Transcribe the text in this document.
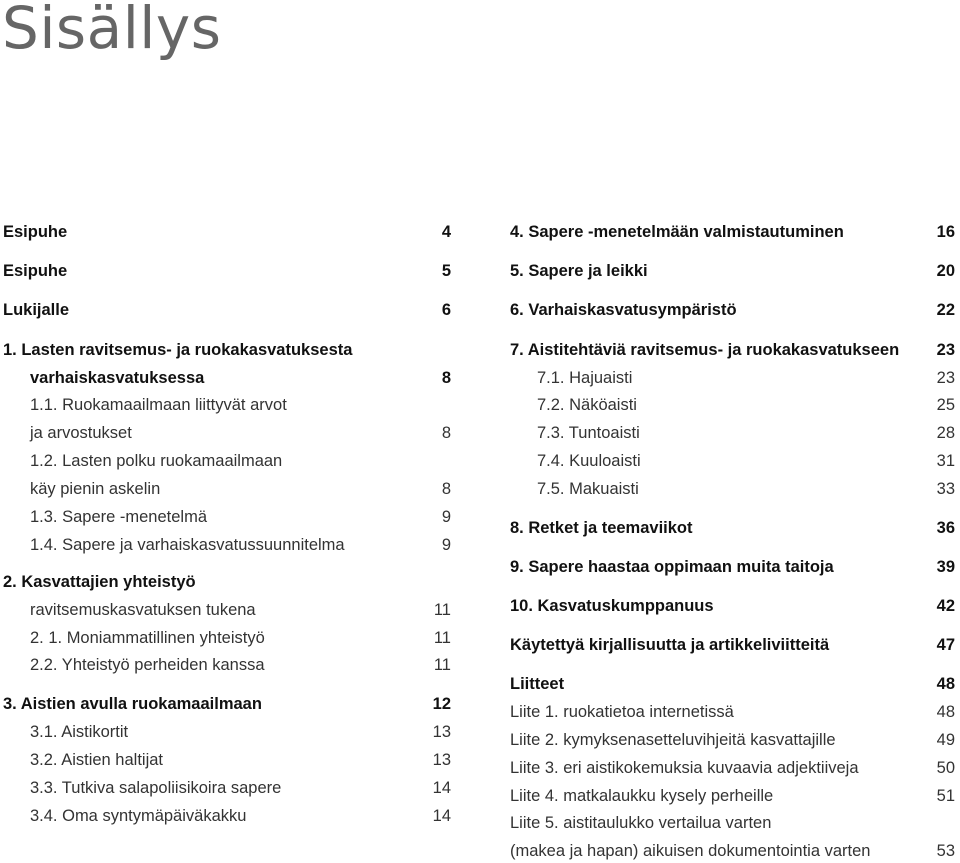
Sisällys
Esipuhe	4
Esipuhe	5
Lukijalle	6
1. Lasten ravitsemus- ja ruokakasvatuksesta
varhaiskasvatuksessa	8
1.1. Ruokamaailmaan liittyvät arvot
ja arvostukset	8
1.2. Lasten polku ruokamaailmaan
käy pienin askelin	8
1.3. Sapere -menetelmä	9
1.4. Sapere ja varhaiskasvatussuunnitelma	9
2. Kasvattajien yhteistyö
ravitsemuskasvatuksen tukena	11
2. 1. Moniammatillinen yhteistyö	11
2.2. Yhteistyö perheiden kanssa	11
3. Aistien avulla ruokamaailmaan	12
3.1. Aistikortit	13
3.2. Aistien haltijat	13
3.3. Tutkiva salapoliisikoira sapere	14
3.4. Oma syntymäpäiväkakku	14
4. Sapere -menetelmään valmistautuminen	16
5. Sapere ja leikki	20
6. Varhaiskasvatusympäristö	22
7. Aistitehtäviä ravitsemus- ja ruokakasvatukseen 23
7.1. Hajuaisti	23
7.2. Näköaisti	25
7.3. Tuntoaisti	28
7.4. Kuuloaisti	31
7.5. Makuaisti	33
8. Retket ja teemaviikot	36
9. Sapere haastaa oppimaan muita taitoja	39
10. Kasvatuskumppanuus	42
Käytettyä kirjallisuutta ja artikkeliviitteitä	47
Liitteet	48
Liite 1. ruokatietoa internetissä	48
Liite 2. kymyksenasetteluvihjeitä kasvattajille	49
Liite 3. eri aistikokemuksia kuvaavia adjektiiveja	50
Liite 4. matkalaukku kysely perheille	51
Liite 5. aistitaulukko vertailua varten
(makea ja hapan) aikuisen dokumentointia varten	53
